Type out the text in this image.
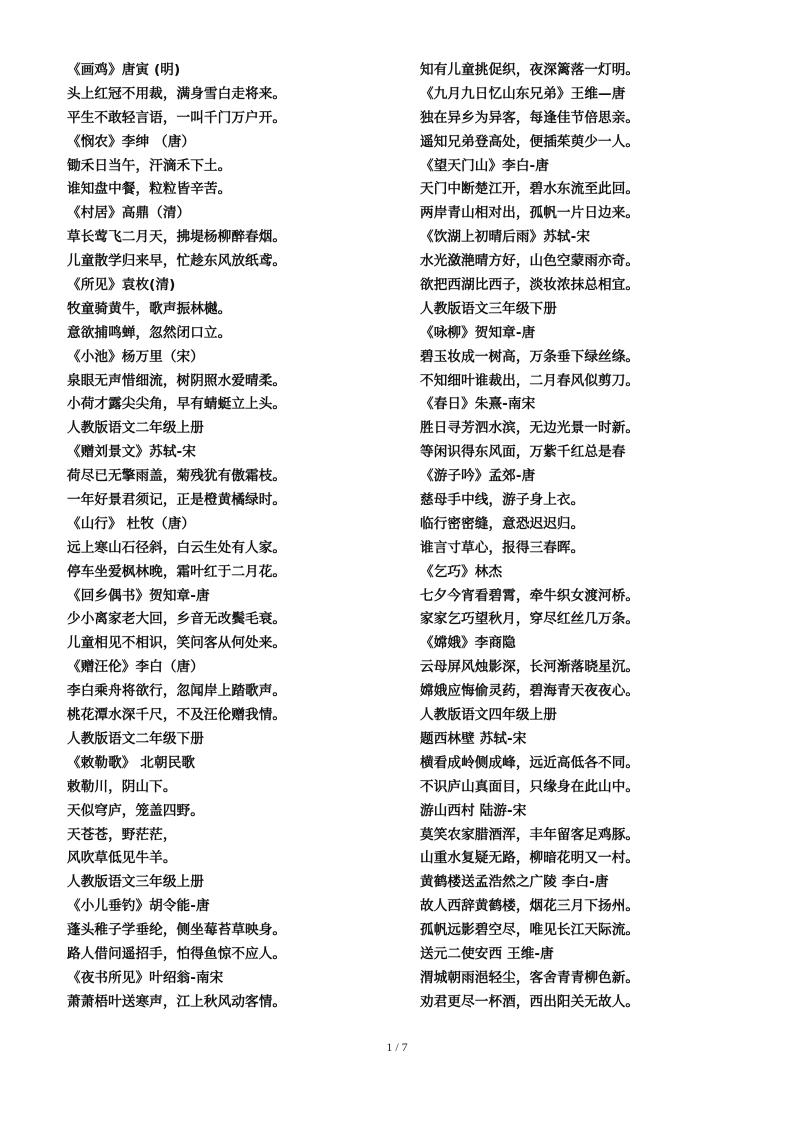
《画鸡》唐寅 (明)
头上红冠不用裁，满身雪白走将来。
平生不敢轻言语，一叫千门万户开。
《悯农》李绅 （唐）
锄禾日当午，汗滴禾下土。
谁知盘中餐，粒粒皆辛苦。
《村居》高鼎（清）
草长莺飞二月天，拂堤杨柳醉春烟。
儿童散学归来早，忙趁东风放纸鸢。
《所见》袁枚(清)
牧童骑黄牛，歌声振林樾。
意欲捕鸣蝉，忽然闭口立。
《小池》杨万里（宋）
泉眼无声惜细流，树阴照水爱晴柔。
小荷才露尖尖角，早有蜻蜓立上头。
人教版语文二年级上册
《赠刘景文》苏轼-宋
荷尽已无擎雨盖，菊残犹有傲霜枝。
一年好景君须记，正是橙黄橘绿时。
《山行》 杜牧（唐）
远上寒山石径斜，白云生处有人家。
停车坐爱枫林晚，霜叶红于二月花。
《回乡偶书》贺知章-唐
少小离家老大回，乡音无改鬓毛衰。
儿童相见不相识，笑问客从何处来。
《赠汪伦》李白（唐）
李白乘舟将欲行，忽闻岸上踏歌声。
桃花潭水深千尺，不及汪伦赠我情。
人教版语文二年级下册
《敕勒歌》 北朝民歌
敕勒川，阴山下。
天似穹庐，笼盖四野。
天苍苍，野茫茫，
风吹草低见牛羊。
人教版语文三年级上册
《小儿垂钓》胡令能-唐
蓬头稚子学垂纶，侧坐莓苔草映身。
路人借问遥招手，怕得鱼惊不应人。
《夜书所见》叶绍翁-南宋
萧萧梧叶送寒声，江上秋风动客情。
知有儿童挑促织，夜深篱落一灯明。
《九月九日忆山东兄弟》王维—唐
独在异乡为异客，每逢佳节倍思亲。
遥知兄弟登高处，便插茱萸少一人。
《望天门山》李白-唐
天门中断楚江开，碧水东流至此回。
两岸青山相对出，孤帆一片日边来。
《饮湖上初晴后雨》苏轼-宋
水光潋滟晴方好，山色空蒙雨亦奇。
欲把西湖比西子，淡妆浓抹总相宜。
人教版语文三年级下册
《咏柳》贺知章-唐
碧玉妆成一树高，万条垂下绿丝绦。
不知细叶谁裁出，二月春风似剪刀。
《春日》朱熹-南宋
胜日寻芳泗水滨，无边光景一时新。
等闲识得东风面，万紫千红总是春
《游子吟》孟郊-唐
慈母手中线，游子身上衣。
临行密密缝，意恐迟迟归。
谁言寸草心，报得三春晖。
《乞巧》林杰
七夕今宵看碧霄，牵牛织女渡河桥。
家家乞巧望秋月，穿尽红丝几万条。
《嫦娥》李商隐
云母屏风烛影深，长河渐落晓星沉。
嫦娥应悔偷灵药，碧海青天夜夜心。
人教版语文四年级上册
题西林壁 苏轼-宋
横看成岭侧成峰，远近高低各不同。
不识庐山真面目，只缘身在此山中。
游山西村 陆游-宋
莫笑农家腊酒浑，丰年留客足鸡豚。
山重水复疑无路，柳暗花明又一村。
黄鹤楼送孟浩然之广陵 李白-唐
故人西辞黄鹤楼，烟花三月下扬州。
孤帆远影碧空尽，唯见长江天际流。
送元二使安西 王维-唐
渭城朝雨浥轻尘，客舍青青柳色新。
劝君更尽一杯酒，西出阳关无故人。
1 / 7
